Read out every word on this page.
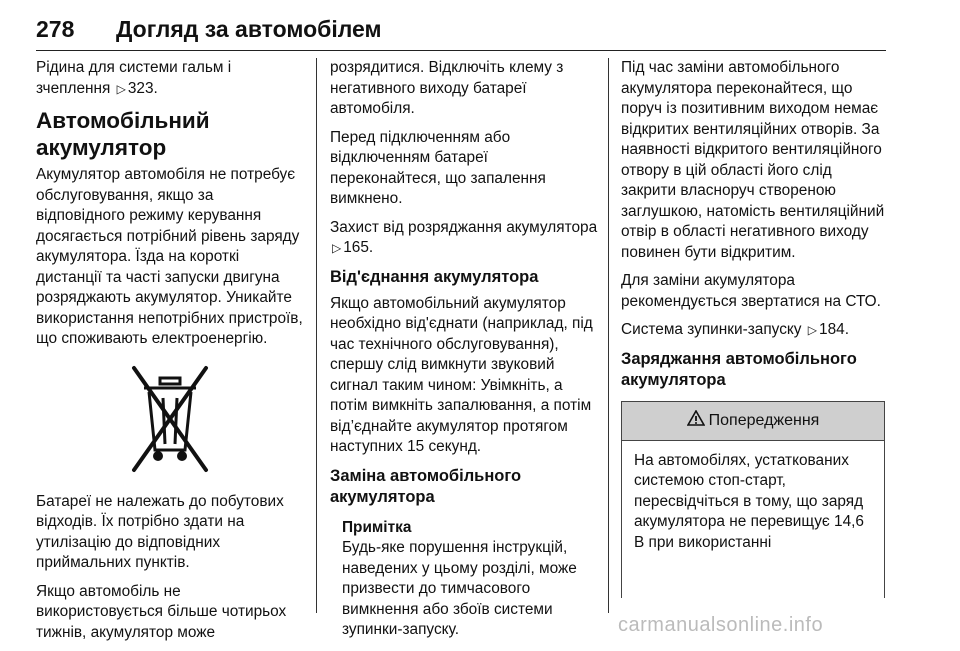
278 Догляд за автомобілем

Рідина для системи гальм і зчеплення ▷ 323.

Автомобільний акумулятор

Акумулятор автомобіля не потребує обслуговування, якщо за відповідного режиму керування досягається потрібний рівень заряду акумулятора. Їзда на короткі дистанції та часті запуски двигуна розряджають акумулятор. Уникайте використання непотрібних пристроїв, що споживають електроенергію.

Батареї не належать до побутових відходів. Їх потрібно здати на утилізацію до відповідних приймальних пунктів.

Якщо автомобіль не використовується більше чотирьох тижнів, акумулятор може

розрядитися. Відключіть клему з негативного виходу батареї автомобіля.

Перед підключенням або відключенням батареї переконайтеся, що запалення вимкнено.

Захист від розряджання акумулятора ▷ 165.

Від'єднання акумулятора

Якщо автомобільний акумулятор необхідно від'єднати (наприклад, під час технічного обслуговування), спершу слід вимкнути звуковий сигнал таким чином: Увімкніть, а потім вимкніть запалювання, а потім від’єднайте акумулятор протягом наступних 15 секунд.

Заміна автомобільного акумулятора
Примітка

Будь-яке порушення інструкцій, наведених у цьому розділі, може призвести до тимчасового вимкнення або збоїв системи зупинки-запуску.

Під час заміни автомобільного акумулятора переконайтеся, що поруч із позитивним виходом немає відкритих вентиляційних отворів. За наявності відкритого вентиляційного отвору в цій області його слід закрити власноруч створеною заглушкою, натомість вентиляційний отвір в області негативного виходу повинен бути відкритим.

Для заміни акумулятора рекомендується звертатися на СТО.

Система зупинки-запуску ▷ 184.

Заряджання автомобільного акумулятора
Попередження

На автомобілях, устаткованих системою стоп-старт, пересвідчіться в тому, що заряд акумулятора не перевищує 14,6 В при використанні

carmanualsonline.info
